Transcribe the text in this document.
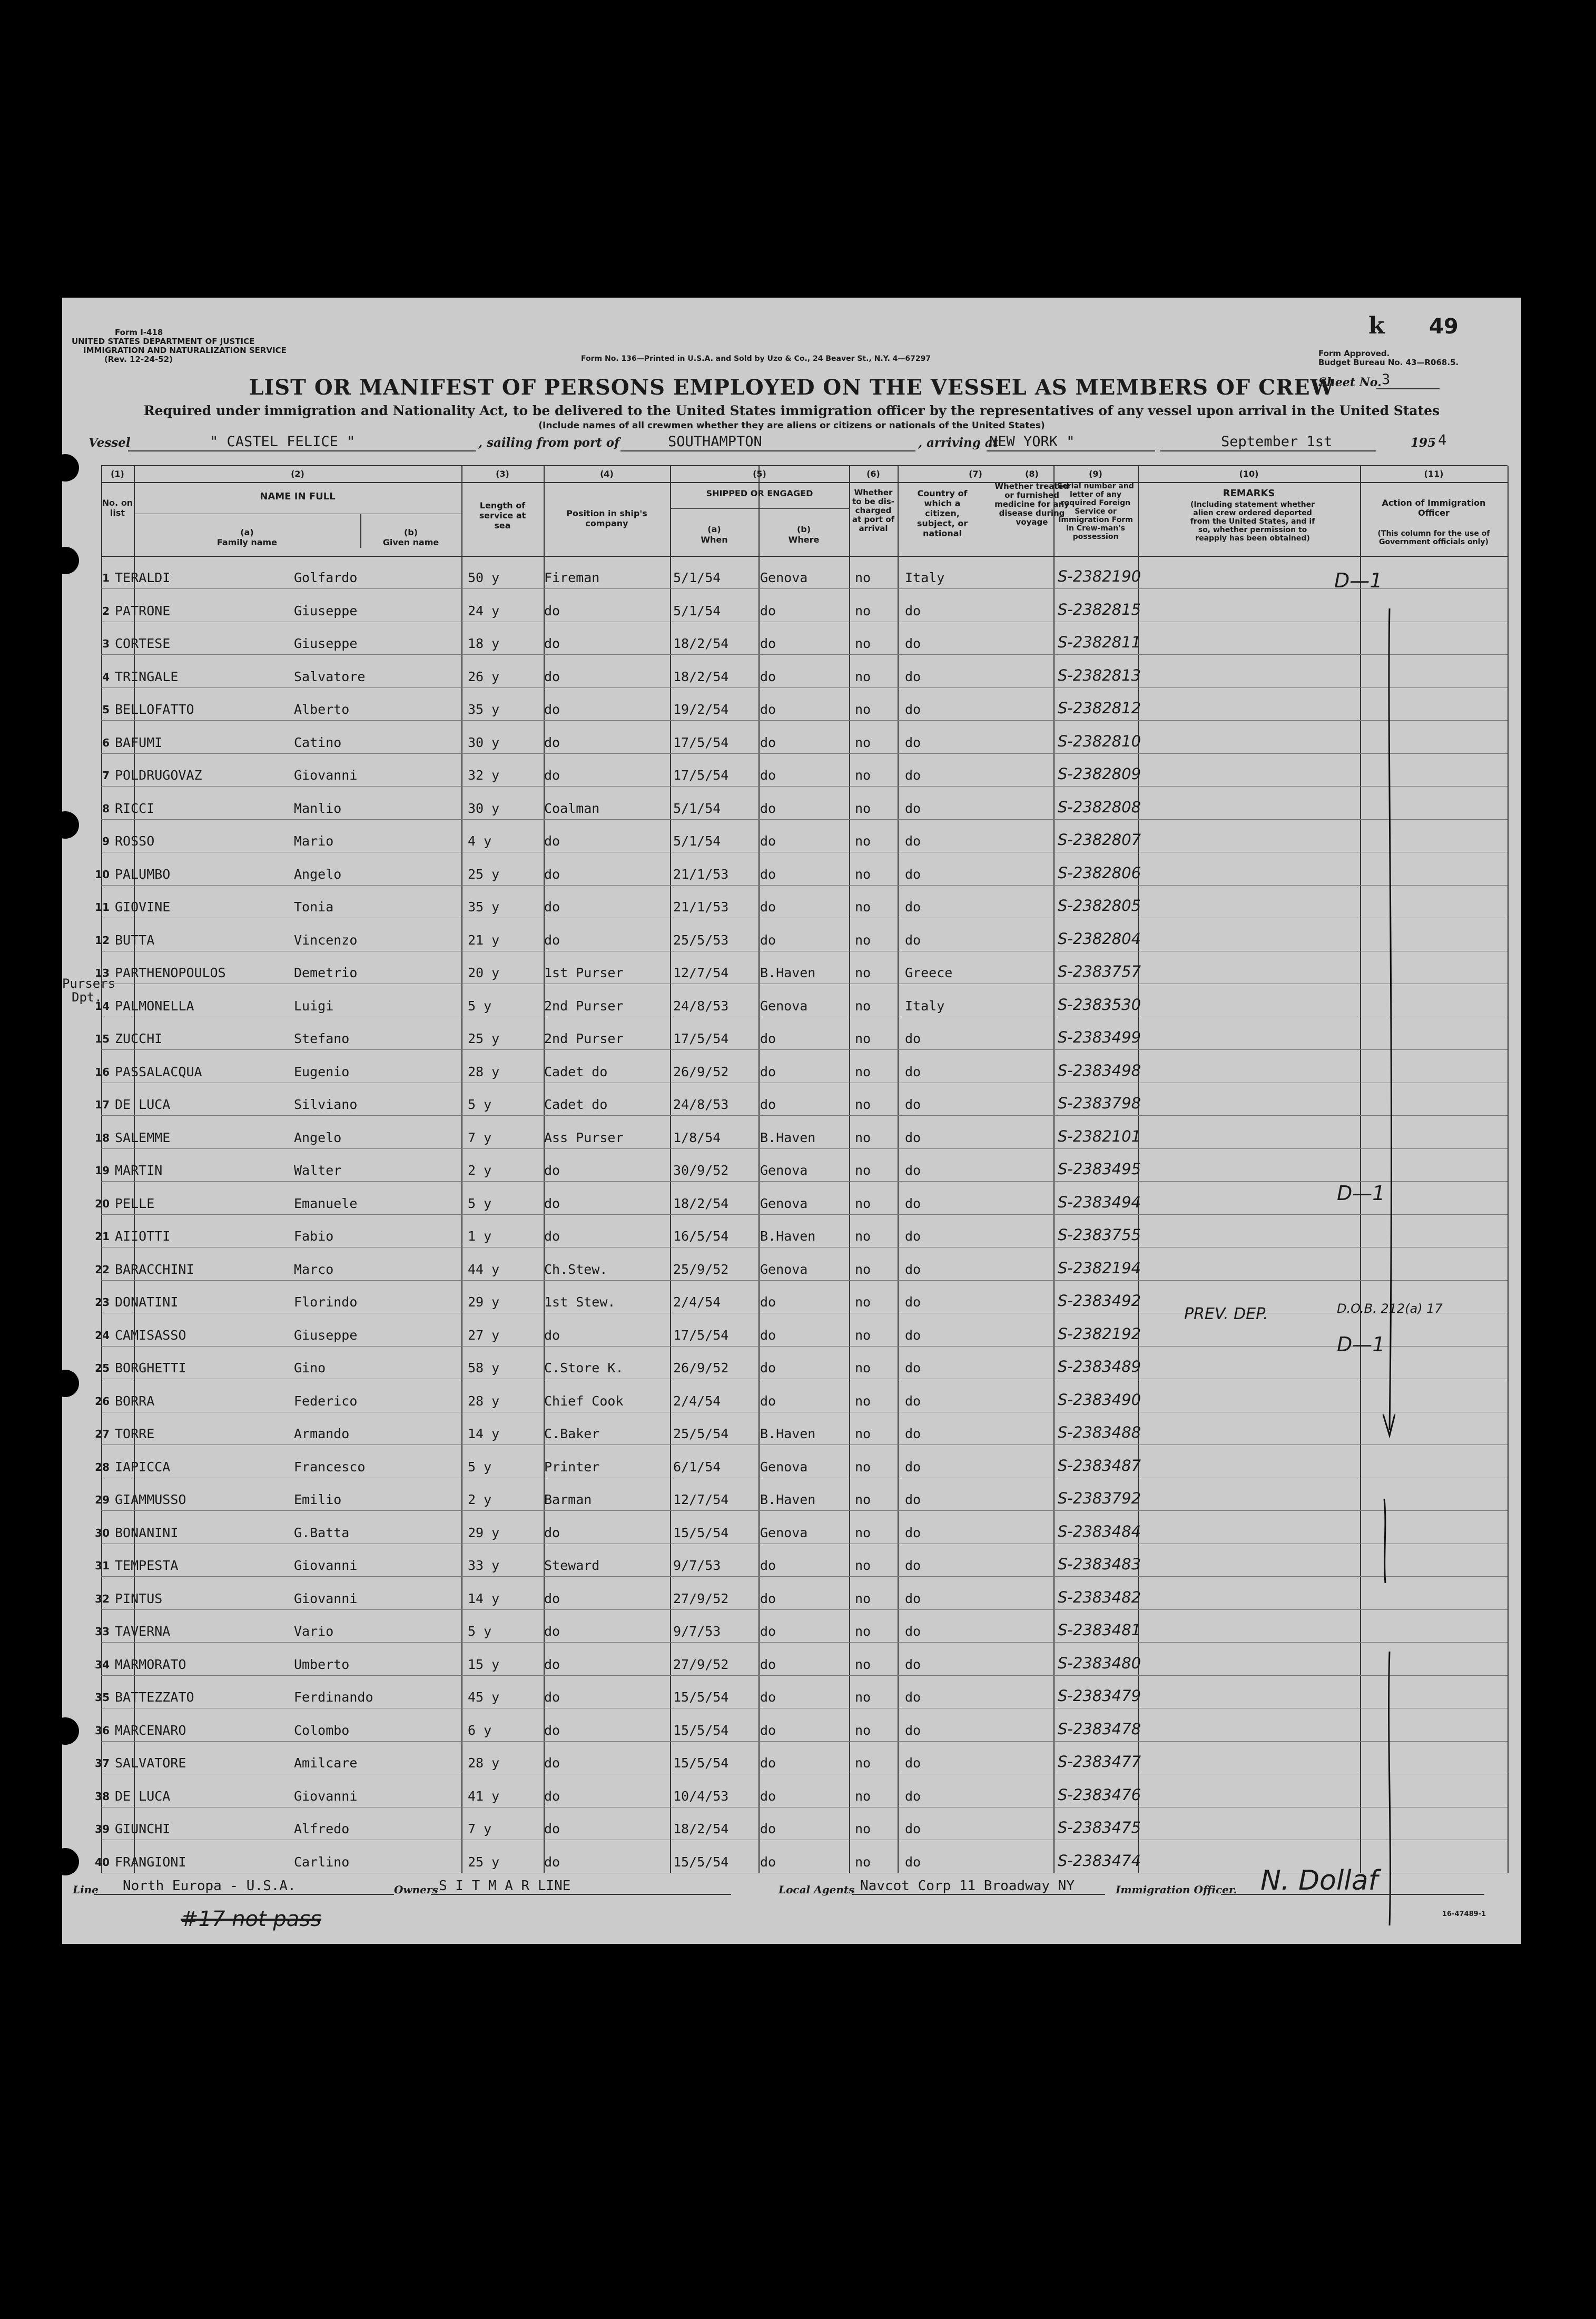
Form I-418
UNITED STATES DEPARTMENT OF JUSTICE
IMMIGRATION AND NATURALIZATION SERVICE
(Rev. 12-24-52)	Form No. 136—Printed in U.S.A. and Sold by Uzo & Co., 24 Beaver St., N.Y. 4—67297
Form Approved.
Budget Bureau No. 43—R068.5.
k 49
Sheet No. 3
LIST OR MANIFEST OF PERSONS EMPLOYED ON THE VESSEL AS MEMBERS OF CREW
Required under immigration and Nationality Act, to be delivered to the United States immigration officer by the representatives of any vessel upon arrival in the United States
(Include names of all crewmen whether they are aliens or citizens or nationals of the United States)
Vessel	" CASTEL FELICE "	, sailing from port of	SOUTHAMPTON	, arriving at
NEW YORK "	September 1st	195 4
(1)
No. on list
(2)
NAME IN FULL
(a)
Family name
(b)
Given name
(3)
Length of service at sea
(4)
Position in ship's company
(5)
SHIPPED OR ENGAGED
(a)
When
(b)
Where
(6)
Whether to be dis-charged at port of arrival
(7)
Country of which a citizen, subject, or national
(8)
Whether treated or furnished medicine for any disease during voyage
(9)
Serial number and letter of any required Foreign Service or Immigration Form in Crew-man's possession
(10)
REMARKS
(Including statement whether alien crew ordered deported from the United States, and if so, whether permission to reapply has been obtained)
(11)
Action of Immigration Officer
(This column for the use of Government officials only)
Pursers
Dpt.
1 TERALDI	Golfardo	50 y	Fireman	5/1/54	Genova	no	Italy	S-2382190
2 PATRONE	Giuseppe	24 y	do	5/1/54	do	no	do	S-2382815
3 CORTESE	Giuseppe	18 y	do	18/2/54 do	no	do	S-2382811
4 TRINGALE	Salvatore	26 y	do	18/2/54 do	no	do	S-2382813
5 BELLOFATTO	Alberto	35 y	do	19/2/54 do	no	do	S-2382812
6 BAFUMI	Catino	30 y	do	17/5/54 do	no	do	S-2382810
7 POLDRUGOVAZ	Giovanni	32 y	do	17/5/54 do	no	do	S-2382809
8 RICCI	Manlio	30 y	Coalman	5/1/54	do	no	do	S-2382808
9 ROSSO	Mario	4 y	do	5/1/54	do	no	do	S-2382807
10 PALUMBO	Angelo	25 y	do	21/1/53 do	no	do	S-2382806
11 GIOVINE	Tonia	35 y	do	21/1/53 do	no	do	S-2382805
12 BUTTA	Vincenzo	21 y	do	25/5/53 do	no	do	S-2382804
13 PARTHENOPOULOS	Demetrio	20 y	1st Purser	12/7/54 B.Haven	no	Greece	S-2383757
14 PALMONELLA	Luigi	5 y	2nd Purser	24/8/53 Genova	no	Italy	S-2383530
15 ZUCCHI	Stefano	25 y	2nd Purser	17/5/54 do	no	do	S-2383499
16 PASSALACQUA	Eugenio	28 y	Cadet do	26/9/52 do	no	do	S-2383498
17 DE LUCA	Silviano	5 y	Cadet do	24/8/53 do	no	do	S-2383798
18 SALEMME	Angelo	7 y	Ass Purser	1/8/54	B.Haven	no	do	S-2382101
19 MARTIN	Walter	2 y	do	30/9/52 Genova	no	do	S-2383495
20 PELLE	Emanuele	5 y	do	18/2/54 Genova	no	do	S-2383494
21 AIIOTTI	Fabio	1 y	do	16/5/54 B.Haven	no	do	S-2383755
22 BARACCHINI	Marco	44 y	Ch.Stew.	25/9/52 Genova	no	do	S-2382194
23 DONATINI	Florindo	29 y	1st Stew.	2/4/54	do	no	do	S-2383492
24 CAMISASSO	Giuseppe	27 y	do	17/5/54 do	no	do	S-2382192
25 BORGHETTI	Gino	58 y	C.Store K.	26/9/52 do	no	do	S-2383489
26 BORRA	Federico	28 y	Chief Cook	2/4/54	do	no	do	S-2383490
27 TORRE	Armando	14 y	C.Baker	25/5/54 B.Haven	no	do	S-2383488
28 IAPICCA	Francesco	5 y	Printer	6/1/54	Genova	no	do	S-2383487
29 GIAMMUSSO	Emilio	2 y	Barman	12/7/54 B.Haven	no	do	S-2383792
30 BONANINI	G.Batta	29 y	do	15/5/54 Genova	no	do	S-2383484
31 TEMPESTA	Giovanni	33 y	Steward	9/7/53	do	no	do	S-2383483
32 PINTUS	Giovanni	14 y	do	27/9/52 do	no	do	S-2383482
33 TAVERNA	Vario	5 y	do	9/7/53	do	no	do	S-2383481
34 MARMORATO	Umberto	15 y	do	27/9/52 do	no	do	S-2383480
35 BATTEZZATO	Ferdinando	45 y	do	15/5/54 do	no	do	S-2383479
36 MARCENARO	Colombo	6 y	do	15/5/54 do	no	do	S-2383478
37 SALVATORE	Amilcare	28 y	do	15/5/54 do	no	do	S-2383477
38 DE LUCA	Giovanni	41 y	do	10/4/53 do	no	do	S-2383476
39 GIUNCHI	Alfredo	7 y	do	18/2/54 do	no	do	S-2383475
40 FRANGIONI	Carlino	25 y	do	15/5/54 do	no	do	S-2383474
PREV. DEP.	D.O.B. 212(a) 17
D—1
D—1
D—1
Line North Europa - U.S.A.	Owners S I T M A R LINE	Local Agents Navcot Corp 11 Broadway NY	Immigration Officer. N. Dollaf
#17 not pass	16-47489-1
